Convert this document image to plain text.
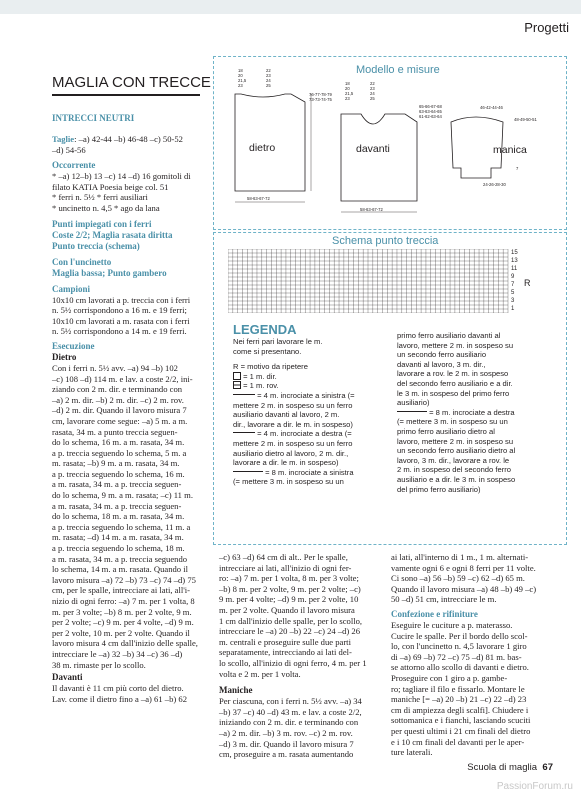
Progetti
MAGLIA CON TRECCE
INTRECCI NEUTRI
Taglie: –a) 42-44 –b) 46-48 –c) 50-52
–d) 54-56
Occorrente
* –a) 12–b) 13 –c) 14 –d) 16 gomitoli di
filato KATIA Poesia beige col. 51
* ferri n. 5½ * ferri ausiliari
* uncinetto n. 4,5 * ago da lana
Punti impiegati con i ferri
Coste 2/2; Maglia rasata diritta
Punto treccia (schema)
Con l'uncinetto
Maglia bassa; Punto gambero
Campioni
10x10 cm lavorati a p. treccia con i ferri
n. 5½ corrispondono a 16 m. e 19 ferri;
10x10 cm lavorati a m. rasata con i ferri
n. 5½ corrispondono a 14 m. e 19 ferri.
Esecuzione
Dietro
Con i ferri n. 5½ avv. –a) 94 –b) 102
–c) 108 –d) 114 m. e lav. a coste 2/2, ini-
ziando con 2 m. dir. e terminando con
–a) 2 m. dir. –b) 2 m. dir. –c) 2 m. rov.
–d) 2 m. dir. Quando il lavoro misura 7
cm, lavorare come segue: –a) 5 m. a m.
rasata, 34 m. a punto treccia seguen-
do lo schema, 16 m. a m. rasata, 34 m.
a p. treccia seguendo lo schema, 5 m. a
m. rasata; –b) 9 m. a m. rasata, 34 m.
a p. treccia seguendo lo schema, 16 m.
a m. rasata, 34 m. a p. treccia seguen-
do lo schema, 9 m. a m. rasata; –c) 11 m.
a m. rasata, 34 m. a p. treccia seguen-
do lo schema, 18 m. a m. rasata, 34 m.
a p. treccia seguendo lo schema, 11 m. a
m. rasata; –d) 14 m. a m. rasata, 34 m.
a p. treccia seguendo lo schema, 18 m.
a m. rasata, 34 m. a p. treccia seguendo
lo schema, 14 m. a m. rasata. Quando il
lavoro misura –a) 72 –b) 73 –c) 74 –d) 75
cm, per le spalle, intrecciare ai lati, all'i-
nizio di ogni ferro: –a) 7 m. per 1 volta, 8
m. per 3 volte; –b) 8 m. per 2 volte, 9 m.
per 2 volte; –c) 9 m. per 4 volte, –d) 9 m.
per 2 volte, 10 m. per 2 volte. Quando il
lavoro misura 4 cm dall'inizio delle spalle,
intrecciare le –a) 32 –b) 34 –c) 36 –d)
38 m. rimaste per lo scollo.
Davanti
Il davanti è 11 cm più corto del dietro.
Lav. come il dietro fino a –a) 61 –b) 62
Modello e misure
dietro	davanti	manica
18
20
21,5
23
22
23
24
25
76-77-78-79
73-73-74-75
58-63-67-72
18
20
21,5
23
22
23
24
25
65-66-67-68
63-63-64-65
61-62-63-64
58-63-67-72
46-42-44-46
48-49-50-51
7
24-26-28-30
Schema punto treccia
15
13
11
9
7
5
3
1
R
LEGENDA
Nei ferri pari lavorare le m.
come si presentano.
R = motivo da ripetere
= 1 m. dir.
= 1 m. rov.
= 4 m. incrociate a sinistra (=
mettere 2 m. in sospeso su un ferro
ausiliario davanti al lavoro, 2 m.
dir., lavorare a dir. le m. in sospeso)
= 4 m. incrociate a destra (=
mettere 2 m. in sospeso su un ferro
ausiliario dietro al lavoro, 2 m. dir.,
lavorare a dir. le m. in sospeso)
= 8 m. incrociate a sinistra
(= mettere 3 m. in sospeso su un
primo ferro ausiliario davanti al
lavoro, mettere 2 m. in sospeso su
un secondo ferro ausiliario
davanti al lavoro, 3 m. dir.,
lavorare a rov. le 2 m. in sospeso
del secondo ferro ausiliario e a dir.
le 3 m. in sospeso del primo ferro
ausiliario)
= 8 m. incrociate a destra
(= mettere 3 m. in sospeso su un
primo ferro ausiliario dietro al
lavoro, mettere 2 m. in sospeso su
un secondo ferro ausiliario dietro al
lavoro, 3 m. dir., lavorare a rov. le
2 m. in sospeso del secondo ferro
ausiliario e a dir. le 3 m. in sospeso
del primo ferro ausiliario)
–c) 63 –d) 64 cm di alt.. Per le spalle,
intrecciare ai lati, all'inizio di ogni fer-
ro: –a) 7 m. per 1 volta, 8 m. per 3 volte;
–b) 8 m. per 2 volte, 9 m. per 2 volte; –c)
9 m. per 4 volte; –d) 9 m. per 2 volte, 10
m. per 2 volte. Quando il lavoro misura
1 cm dall'inizio delle spalle, per lo scollo,
intrecciare le –a) 20 –b) 22 –c) 24 –d) 26
m. centrali e proseguire sulle due parti
separatamente, intrecciando ai lati del-
lo scollo, all'inizio di ogni ferro, 4 m. per 1
volta e 2 m. per 1 volta.
Maniche
Per ciascuna, con i ferri n. 5½ avv. –a) 34
–b) 37 –c) 40 –d) 43 m. e lav. a coste 2/2,
iniziando con 2 m. dir. e terminando con
–a) 2 m. dir. –b) 3 m. rov. –c) 2 m. rov.
–d) 3 m. dir. Quando il lavoro misura 7
cm, proseguire a m. rasata aumentando
ai lati, all'interno di 1 m., 1 m. alternati-
vamente ogni 6 e ogni 8 ferri per 11 volte.
Ci sono –a) 56 –b) 59 –c) 62 –d) 65 m.
Quando il lavoro misura –a) 48 –b) 49 –c)
50 –d) 51 cm, intrecciare le m.
Confezione e rifiniture
Eseguire le cuciture a p. materasso.
Cucire le spalle. Per il bordo dello scol-
lo, con l'uncinetto n. 4,5 lavorare 1 giro
di –a) 69 –b) 72 –c) 75 –d) 81 m. bas-
se attorno allo scollo di davanti e dietro.
Proseguire con 1 giro a p. gambe-
ro; tagliare il filo e fissarlo. Montare le
maniche [= –a) 20 –b) 21 –c) 22 –d) 23
cm di ampiezza degli scalfi]. Chiudere i
sottomanica e i fianchi, lasciando scuciti
per questi ultimi i 21 cm finali del dietro
e i 10 cm finali del davanti per le aper-
ture laterali.
Scuola di maglia 67
PassionForum.ru
